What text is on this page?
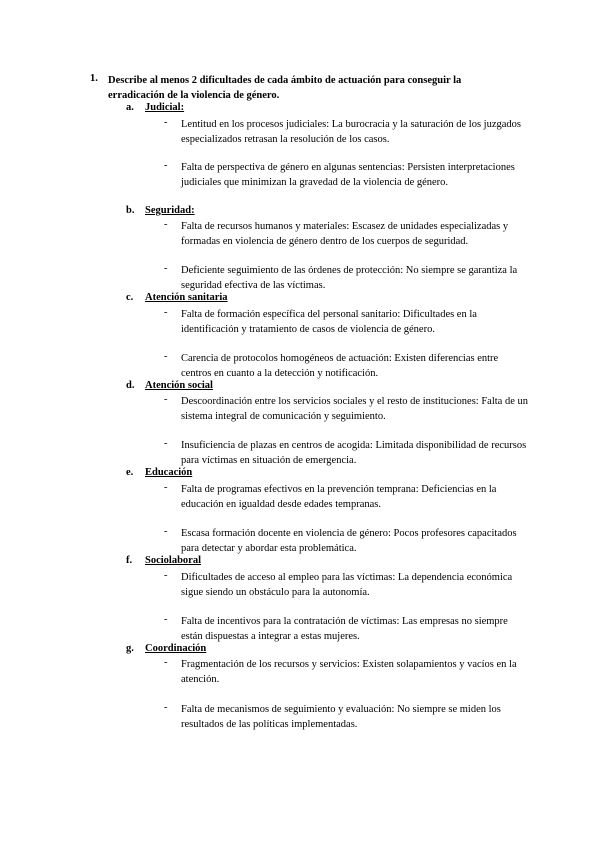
1. Describe al menos 2 dificultades de cada ámbito de actuación para conseguir la erradicación de la violencia de género.
a. Judicial:
- Lentitud en los procesos judiciales: La burocracia y la saturación de los juzgados especializados retrasan la resolución de los casos.
- Falta de perspectiva de género en algunas sentencias: Persisten interpretaciones judiciales que minimizan la gravedad de la violencia de género.
b. Seguridad:
- Falta de recursos humanos y materiales: Escasez de unidades especializadas y formadas en violencia de género dentro de los cuerpos de seguridad.
- Deficiente seguimiento de las órdenes de protección: No siempre se garantiza la seguridad efectiva de las víctimas.
c. Atención sanitaria
- Falta de formación específica del personal sanitario: Dificultades en la identificación y tratamiento de casos de violencia de género.
- Carencia de protocolos homogéneos de actuación: Existen diferencias entre centros en cuanto a la detección y notificación.
d. Atención social
- Descoordinación entre los servicios sociales y el resto de instituciones: Falta de un sistema integral de comunicación y seguimiento.
- Insuficiencia de plazas en centros de acogida: Limitada disponibilidad de recursos para víctimas en situación de emergencia.
e. Educación
- Falta de programas efectivos en la prevención temprana: Deficiencias en la educación en igualdad desde edades tempranas.
- Escasa formación docente en violencia de género: Pocos profesores capacitados para detectar y abordar esta problemática.
f. Sociolaboral
- Dificultades de acceso al empleo para las víctimas: La dependencia económica sigue siendo un obstáculo para la autonomía.
- Falta de incentivos para la contratación de víctimas: Las empresas no siempre están dispuestas a integrar a estas mujeres.
g. Coordinación
- Fragmentación de los recursos y servicios: Existen solapamientos y vacíos en la atención.
- Falta de mecanismos de seguimiento y evaluación: No siempre se miden los resultados de las políticas implementadas.
